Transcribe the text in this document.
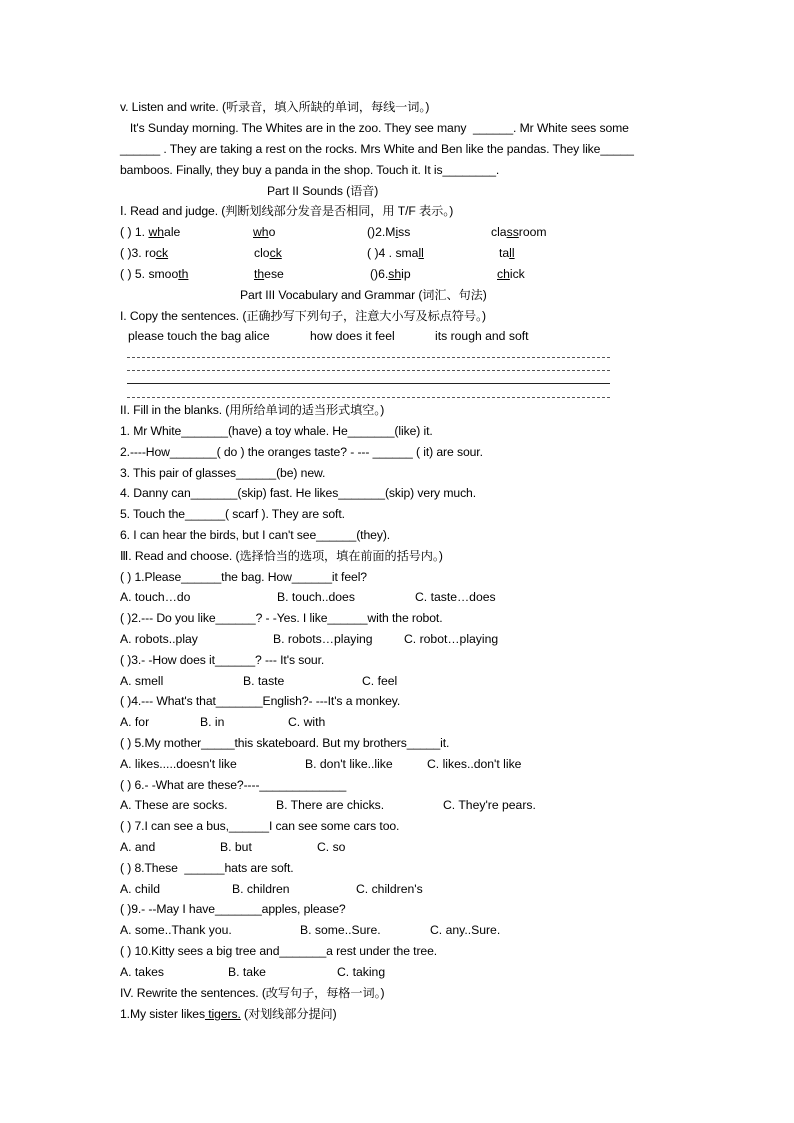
v. Listen and write. (听录音，填入所缺的单词，每线一词。)
It's Sunday morning. The Whites are in the zoo. They see many  ______. Mr White sees some
______ . They are taking a rest on the rocks. Mrs White and Ben like the pandas. They like_____
bamboos. Finally, they buy a panda in the shop. Touch it. It is________.
Part II Sounds (语音)
Ⅰ. Read and judge. (判断划线部分发音是否相同，用 T/F 表示。)
( ) 1. whale	who	()2.Miss	classroom
( )3. rock	clock	( )4 . small	tall
( ) 5. smooth	these	()6.ship	chick
Part III Vocabulary and Grammar (词汇、句法)
I. Copy the sentences. (正确抄写下列句子，注意大小写及标点符号。)
please touch the bag alice	how does it feel	its rough and soft
II. Fill in the blanks. (用所给单词的适当形式填空。)
1. Mr White_______(have) a toy whale. He_______(like) it.
2.----How_______( do ) the oranges taste? - --- ______ ( it) are sour.
3. This pair of glasses______(be) new.
4. Danny can_______(skip) fast. He likes_______(skip) very much.
5. Touch the______( scarf ). They are soft.
6. I can hear the birds, but I can't see______(they).
Ⅲ. Read and choose. (选择恰当的选项，填在前面的括号内。)
( ) 1.Please______the bag. How______it feel?
A. touch…do	B. touch..does	C. taste…does
( )2.--- Do you like______? - -Yes. I like______with the robot.
A. robots..play	B. robots…playing	C. robot…playing
( )3.- -How does it______? --- It's sour.
A. smell	B. taste	C. feel
( )4.--- What's that_______English?- ---It's a monkey.
A. for	B. in	C. with
( ) 5.My mother_____this skateboard. But my brothers_____it.
A. likes.....doesn't like	B. don't like..like	C. likes..don't like
( ) 6.- -What are these?----_____________
A. These are socks.	B. There are chicks.	C. They're pears.
( ) 7.I can see a bus,______I can see some cars too.
A. and	B. but	C. so
( ) 8.These  ______hats are soft.
A. child	B. children	C. children's
( )9.- --May I have_______apples, please?
A. some..Thank you.	B. some..Sure.	C. any..Sure.
( ) 10.Kitty sees a big tree and_______a rest under the tree.
A. takes	B. take	C. taking
IV. Rewrite the sentences. (改写句子，每格一词。)
1.My sister likes tigers. (对划线部分提问)
